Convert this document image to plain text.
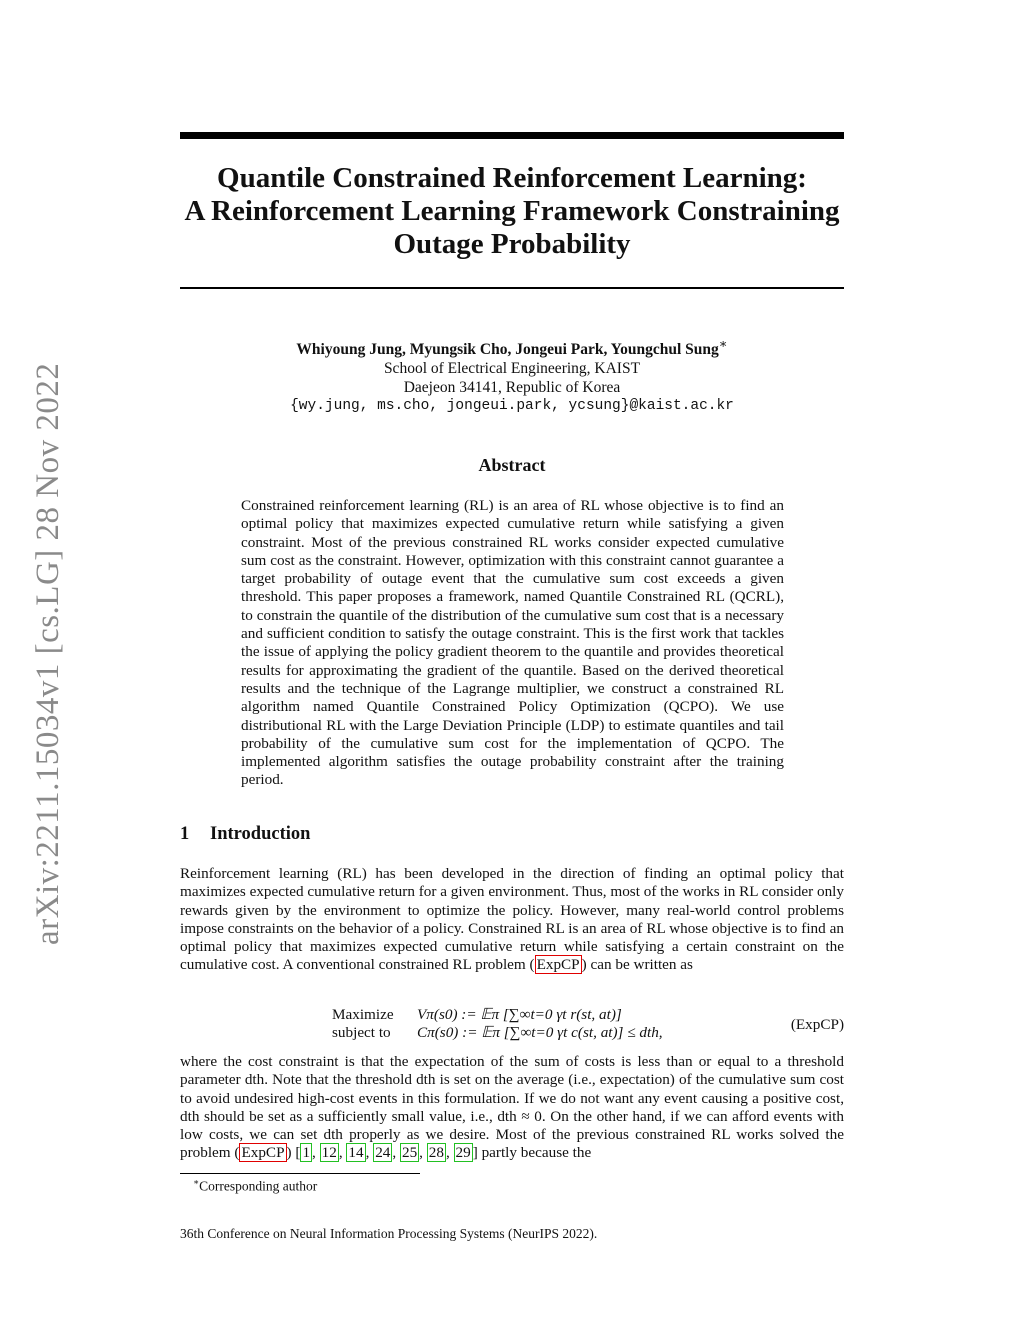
arXiv:2211.15034v1 [cs.LG] 28 Nov 2022
Quantile Constrained Reinforcement Learning:
A Reinforcement Learning Framework Constraining
Outage Probability
Whiyoung Jung, Myungsik Cho, Jongeui Park, Youngchul Sung∗
School of Electrical Engineering, KAIST
Daejeon 34141, Republic of Korea
{wy.jung, ms.cho, jongeui.park, ycsung}@kaist.ac.kr
Abstract
Constrained reinforcement learning (RL) is an area of RL whose objective is to find an optimal policy that maximizes expected cumulative return while satisfying a given constraint. Most of the previous constrained RL works consider expected cumulative sum cost as the constraint. However, optimization with this constraint cannot guarantee a target probability of outage event that the cumulative sum cost exceeds a given threshold. This paper proposes a framework, named Quantile Constrained RL (QCRL), to constrain the quantile of the distribution of the cumulative sum cost that is a necessary and sufficient condition to satisfy the outage constraint. This is the first work that tackles the issue of applying the policy gradient theorem to the quantile and provides theoretical results for approximating the gradient of the quantile. Based on the derived theoretical results and the technique of the Lagrange multiplier, we construct a constrained RL algorithm named Quantile Constrained Policy Optimization (QCPO). We use distributional RL with the Large Deviation Principle (LDP) to estimate quantiles and tail probability of the cumulative sum cost for the implementation of QCPO. The implemented algorithm satisfies the outage probability constraint after the training period.
1 Introduction
Reinforcement learning (RL) has been developed in the direction of finding an optimal policy that maximizes expected cumulative return for a given environment. Thus, most of the works in RL consider only rewards given by the environment to optimize the policy. However, many real-world control problems impose constraints on the behavior of a policy. Constrained RL is an area of RL whose objective is to find an optimal policy that maximizes expected cumulative return while satisfying a certain constraint on the cumulative cost. A conventional constrained RL problem ( ExpCP ) can be written as
Maximize
subject to
Vπ(s0) := 𝔼π [∑∞t=0 γt r(st, at)]
Cπ(s0) := 𝔼π [∑∞t=0 γt c(st, at)] ≤ dth,	(ExpCP)
where the cost constraint is that the expectation of the sum of costs is less than or equal to a threshold parameter dth. Note that the threshold dth is set on the average (i.e., expectation) of the cumulative sum cost to avoid undesired high-cost events in this formulation. If we do not want any event causing a positive cost, dth should be set as a sufficiently small value, i.e., dth ≈ 0. On the other hand, if we can afford events with low costs, we can set dth properly as we desire. Most of the previous constrained RL works solved the problem ( ExpCP ) [ 1 , 12 , 14 , 24 , 25 , 28 , 29 ] partly because the
∗Corresponding author
36th Conference on Neural Information Processing Systems (NeurIPS 2022).
